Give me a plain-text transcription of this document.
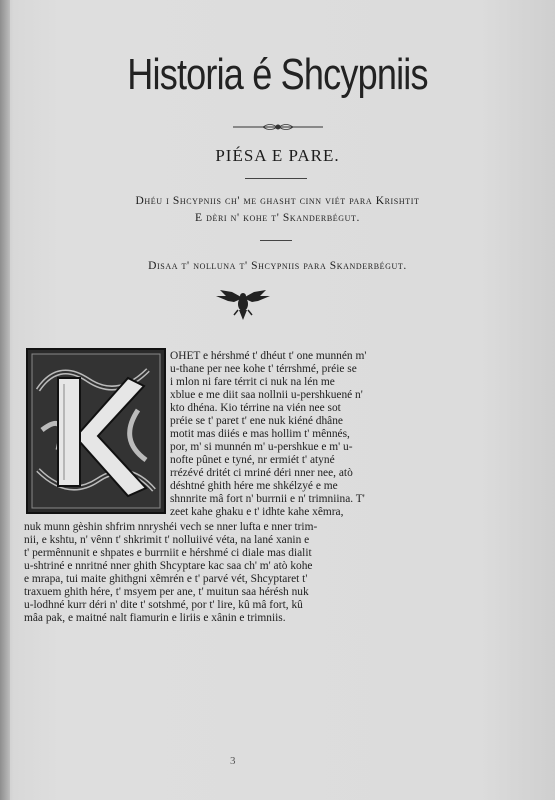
Historia é Shcypniis
PIÉSA E PARE.
Dhéu i Shcypniis ch' me ghasht cinn viét para Krishtit
E dèri n' kohe t' Skanderbégut.
Disaa t' nolluna t' Shcypniis para Skanderbégut.
OHET e hérshmé t' dhéut t' one munnén m'
u-thane per nee kohe t' térrshmé, préie se
i mlon ni fare térrit ci nuk na lén me
xblue e me diit saa nollnii u-pershkuené n'
kto dhéna. Kio térrine na vién nee sot
préie se t' paret t' ene nuk kiéné dhâne
motit mas diiés e mas hollim t' mênnés,
por, m' si munnén m' u-pershkue e m' u-
nofte pûnet e tyné, nr ermiét t' atyné
rrézévé dritét ci mriné déri nner nee, atò
déshtné ghith hére me shkélzyé e me
shnnrite mâ fort n' burrnii e n' trimniina. T'
zeet kahe ghaku e t' idhte kahe xêmra,
nuk munn gèshin shfrim nnryshéi vech se nner lufta e nner trim-
nii, e kshtu, n' vênn t' shkrimit t' nolluiivé véta, na lané xanin e
t' permênnunit e shpates e burrniit e hérshmé ci diale mas dialit
u-shtriné e nnritné nner ghith Shcyptare kac saa ch' m' atò kohe
e mrapa, tui maite ghithgni xêmrén e t' parvé vét, Shcyptaret t'
traxuem ghith hére, t' msyem per ane, t' muitun saa hérésh nuk
u-lodhné kurr déri n' dite t' sotshmé, por t' lire, kû mâ fort, kû
mâa pak, e maitné nalt fiamurin e liriis e xânin e trimniis.
3
